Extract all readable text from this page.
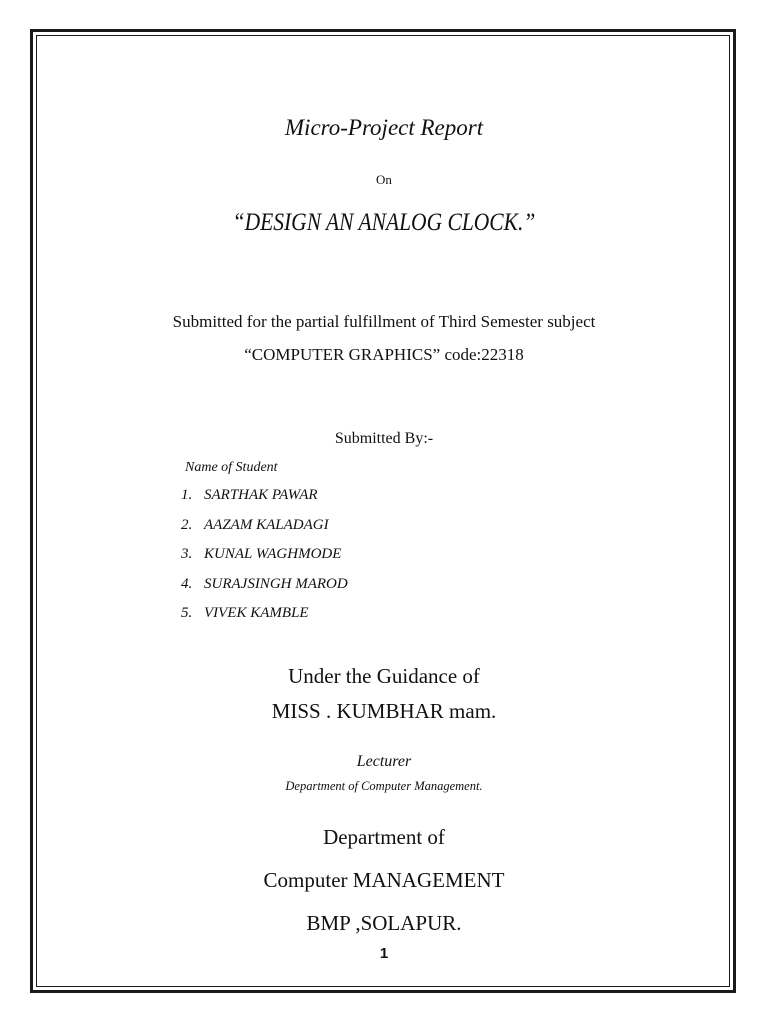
Micro-Project Report
On
“DESIGN AN ANALOG CLOCK.”
Submitted for the partial fulfillment of Third Semester subject
“COMPUTER GRAPHICS” code:22318
Submitted By:-
Name of Student
1. SARTHAK PAWAR
2. AAZAM KALADAGI
3. KUNAL WAGHMODE
4. SURAJSINGH MAROD
5. VIVEK KAMBLE
Under the Guidance of
MISS . KUMBHAR mam.
Lecturer
Department of Computer Management.
Department of
Computer MANAGEMENT
BMP ,SOLAPUR.
1
